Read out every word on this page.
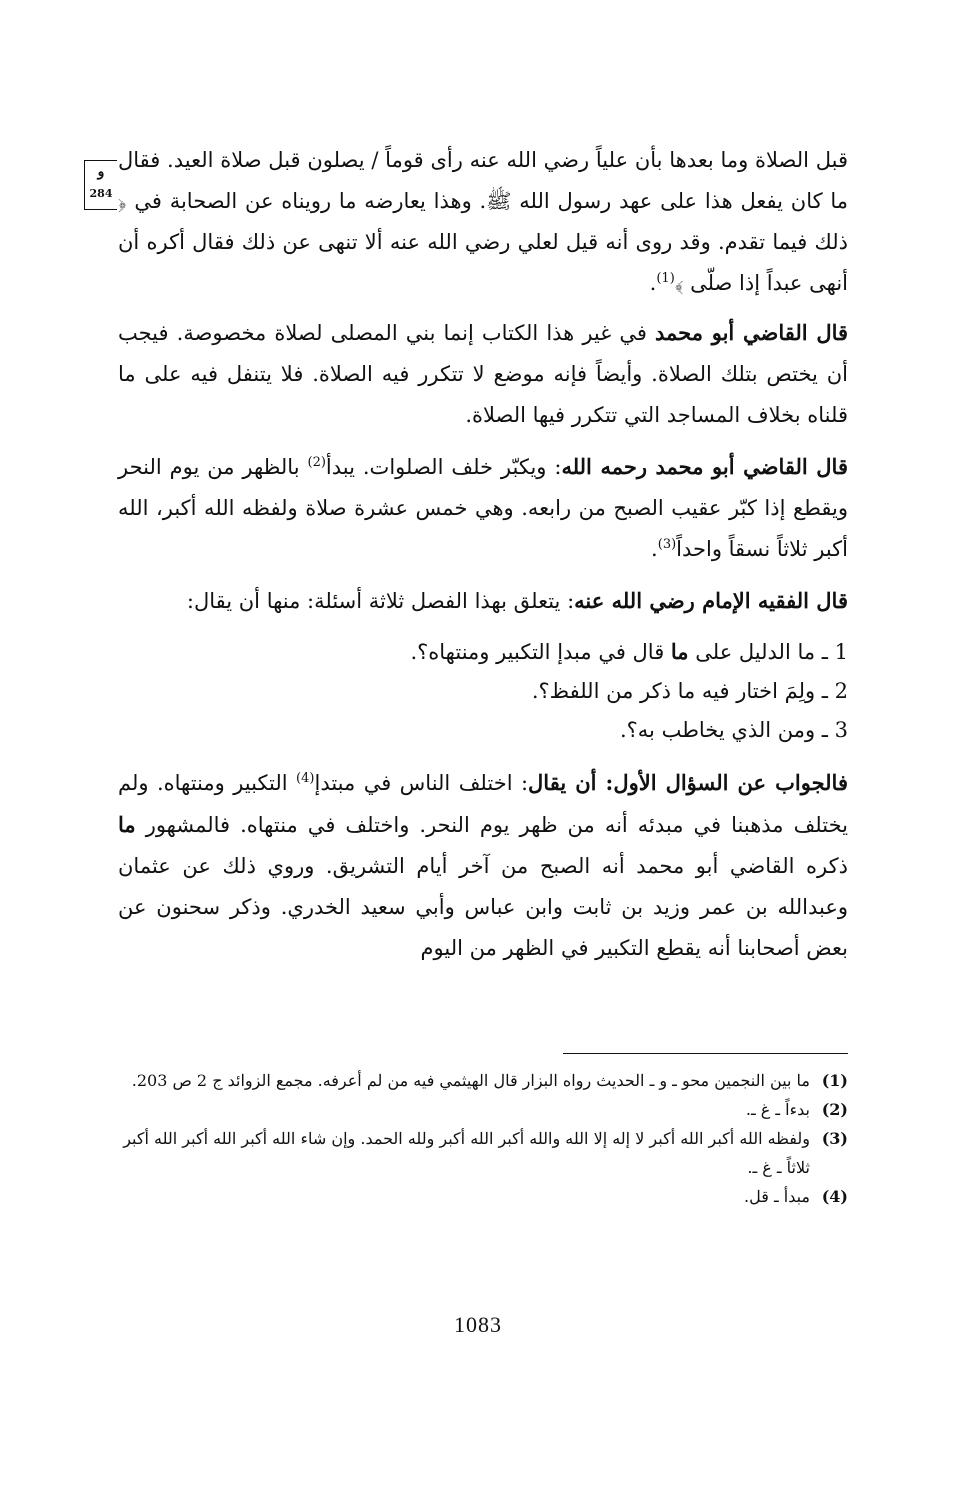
و
284

قبل الصلاة وما بعدها بأن علياً رضي الله عنه رأى قوماً / يصلون قبل صلاة العيد. فقال ما كان يفعل هذا على عهد رسول الله ﷺ. وهذا يعارضه ما رويناه عن الصحابة في ﴿ ذلك فيما تقدم. وقد روى أنه قيل لعلي رضي الله عنه ألا تنهى عن ذلك فقال أكره أن أنهى عبداً إذا صلّى ﴾$^{(1)}$.

قال القاضي أبو محمد في غير هذا الكتاب إنما بني المصلى لصلاة مخصوصة. فيجب أن يختص بتلك الصلاة. وأيضاً فإنه موضع لا تتكرر فيه الصلاة. فلا يتنفل فيه على ما قلناه بخلاف المساجد التي تتكرر فيها الصلاة.

قال القاضي أبو محمد رحمه الله: ويكبّر خلف الصلوات. يبدأ$^{(2)}$ بالظهر من يوم النحر ويقطع إذا كبّر عقيب الصبح من رابعه. وهي خمس عشرة صلاة ولفظه الله أكبر، الله أكبر ثلاثاً نسقاً واحداً$^{(3)}$.

قال الفقيه الإمام رضي الله عنه: يتعلق بهذا الفصل ثلاثة أسئلة: منها أن يقال:

1 ـ ما الدليل على ما قال في مبدإ التكبير ومنتهاه؟.
2 ـ ولِمَ اختار فيه ما ذكر من اللفظ؟.
3 ـ ومن الذي يخاطب به؟.

فالجواب عن السؤال الأول: أن يقال: اختلف الناس في مبتدإ$^{(4)}$ التكبير ومنتهاه. ولم يختلف مذهبنا في مبدئه أنه من ظهر يوم النحر. واختلف في منتهاه. فالمشهور ما ذكره القاضي أبو محمد أنه الصبح من آخر أيام التشريق. وروي ذلك عن عثمان وعبدالله بن عمر وزيد بن ثابت وابن عباس وأبي سعيد الخدري. وذكر سحنون عن بعض أصحابنا أنه يقطع التكبير في الظهر من اليوم

(1)
ما بين النجمين محو ـ و ـ الحديث رواه البزار قال الهيثمي فيه من لم أعرفه. مجمع الزوائد ج 2 ص 203.
(2)
بدءاً ـ غ ـ.
(3)
ولفظه الله أكبر الله أكبر لا إله إلا الله والله أكبر الله أكبر ولله الحمد. وإن شاء الله أكبر الله أكبر الله أكبر ثلاثاً ـ غ ـ.
(4)
مبدأ ـ قل.
1083
